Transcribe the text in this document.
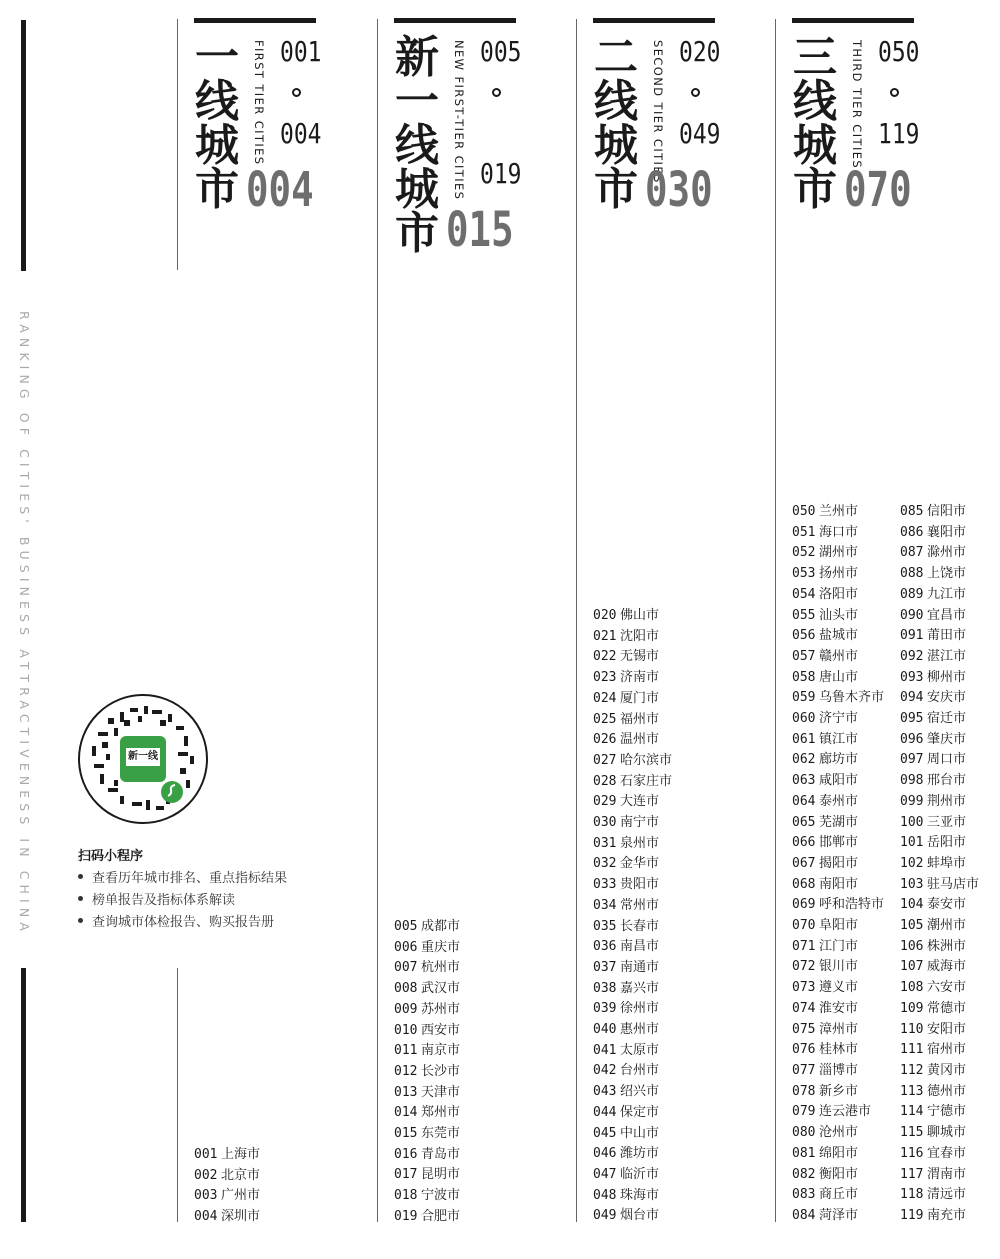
RANKING OF CITIES' BUSINESS ATTRACTIVENESS IN CHINA	新一线
扫码小程序
查看历年城市排名、重点指标结果
榜单报告及指标体系解读
查询城市体检报告、购买报告册
一
线
城
市
FIRST TIER CITIES 001
004
004
001 上海市
002 北京市
003 广州市
004 深圳市
新
一
线
城
市
NEW FIRST-TIER CITIES 005
019
015
005 成都市
006 重庆市
007 杭州市
008 武汉市
009 苏州市
010 西安市
011 南京市
012 长沙市
013 天津市
014 郑州市
015 东莞市
016 青岛市
017 昆明市
018 宁波市
019 合肥市
二
线
城
市
SECOND TIER CITIES 020
049
030
020 佛山市
021 沈阳市
022 无锡市
023 济南市
024 厦门市
025 福州市
026 温州市
027 哈尔滨市
028 石家庄市
029 大连市
030 南宁市
031 泉州市
032 金华市
033 贵阳市
034 常州市
035 长春市
036 南昌市
037 南通市
038 嘉兴市
039 徐州市
040 惠州市
041 太原市
042 台州市
043 绍兴市
044 保定市
045 中山市
046 潍坊市
047 临沂市
048 珠海市
049 烟台市
三
线
城
市
THIRD TIER CITIES 050
119
070
050 兰州市
051 海口市
052 湖州市
053 扬州市
054 洛阳市
055 汕头市
056 盐城市
057 赣州市
058 唐山市
059 乌鲁木齐市
060 济宁市
061 镇江市
062 廊坊市
063 咸阳市
064 泰州市
065 芜湖市
066 邯郸市
067 揭阳市
068 南阳市
069 呼和浩特市
070 阜阳市
071 江门市
072 银川市
073 遵义市
074 淮安市
075 漳州市
076 桂林市
077 淄博市
078 新乡市
079 连云港市
080 沧州市
081 绵阳市
082 衡阳市
083 商丘市
084 菏泽市
085 信阳市
086 襄阳市
087 滁州市
088 上饶市
089 九江市
090 宜昌市
091 莆田市
092 湛江市
093 柳州市
094 安庆市
095 宿迁市
096 肇庆市
097 周口市
098 邢台市
099 荆州市
100 三亚市
101 岳阳市
102 蚌埠市
103 驻马店市
104 泰安市
105 潮州市
106 株洲市
107 威海市
108 六安市
109 常德市
110 安阳市
111 宿州市
112 黄冈市
113 德州市
114 宁德市
115 聊城市
116 宜春市
117 渭南市
118 清远市
119 南充市
